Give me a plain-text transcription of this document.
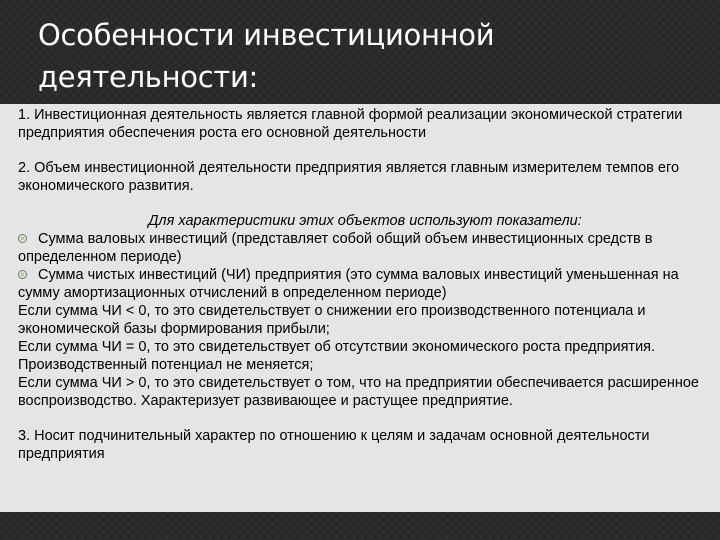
Особенности инвестиционной деятельности:

1. Инвестиционная деятельность является главной формой реализации экономической стратегии предприятия обеспечения роста его основной деятельности

2. Объем инвестиционной деятельности предприятия является главным измерителем темпов его экономического развития.

Для характеристики этих объектов используют показатели:

Сумма валовых инвестиций (представляет собой общий объем инвестиционных средств в определенном периоде)

Сумма чистых инвестиций (ЧИ) предприятия (это сумма валовых инвестиций уменьшенная на сумму амортизационных отчислений в определенном периоде)

Если сумма ЧИ < 0, то это свидетельствует о снижении его производственного потенциала и экономической базы формирования прибыли;

Если сумма ЧИ = 0, то это свидетельствует об отсутствии экономического роста предприятия. Производственный потенциал не меняется;

Если сумма ЧИ > 0, то это свидетельствует о том, что на предприятии обеспечивается расширенное воспроизводство. Характеризует развивающее и растущее предприятие.

3. Носит подчинительный характер по отношению к целям и задачам основной деятельности предприятия
